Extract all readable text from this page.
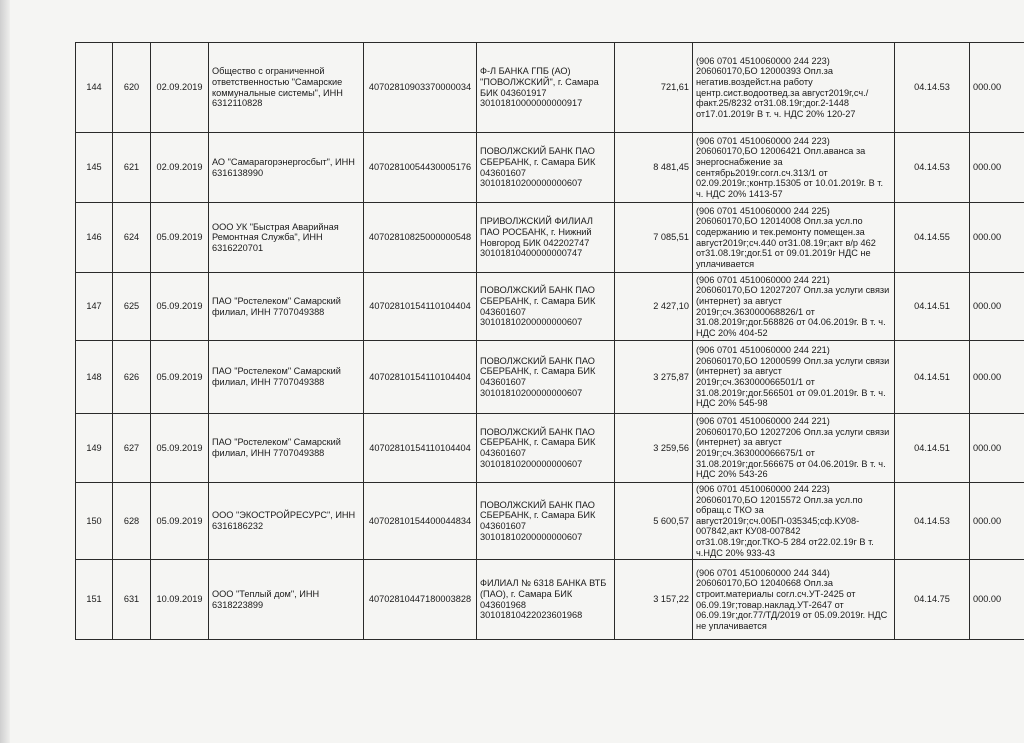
144	620	02.09.2019	Общество с ограниченной ответственностью "Самарские коммунальные системы", ИНН 6312110828	40702810903370000034	Ф-Л БАНКА ГПБ (АО) "ПОВОЛЖСКИЙ", г. Самара БИК 043601917 30101810000000000917	721,61	(906 0701 4510060000 244 223) 206060170,БО 12000393 Опл.за негатив.воздейст.на работу центр.сист.водоотвед.за август2019г,сч./факт.25/8232 от31.08.19г;дог.2-1448 от17.01.2019г В т. ч. НДС 20% 120-27	04.14.53	000.00
145	621	02.09.2019	АО "Самарагорэнергосбыт", ИНН 6316138990	40702810054430005176	ПОВОЛЖСКИЙ БАНК ПАО СБЕРБАНК, г. Самара БИК 043601607 30101810200000000607	8 481,45	(906 0701 4510060000 244 223) 206060170,БО 12006421 Опл.аванса за энергоснабжение за сентябрь2019г.согл.сч.313/1 от 02.09.2019г.;контр.15305 от 10.01.2019г. В т. ч. НДС 20% 1413-57	04.14.53	000.00
146	624	05.09.2019	ООО УК "Быстрая Аварийная Ремонтная Служба", ИНН 6316220701	40702810825000000548	ПРИВОЛЖСКИЙ ФИЛИАЛ ПАО РОСБАНК, г. Нижний Новгород БИК 042202747 30101810400000000747	7 085,51	(906 0701 4510060000 244 225) 206060170,БО 12014008 Опл.за усл.по содержанию и тек.ремонту помещен.за август2019г;сч.440 от31.08.19г;акт в/р 462 от31.08.19г;дог.51 от 09.01.2019г НДС не уплачивается	04.14.55	000.00
147	625	05.09.2019	ПАО "Ростелеком" Самарский филиал, ИНН 7707049388	40702810154110104404	ПОВОЛЖСКИЙ БАНК ПАО СБЕРБАНК, г. Самара БИК 043601607 30101810200000000607	2 427,10	(906 0701 4510060000 244 221) 206060170,БО 12027207 Опл.за услуги связи (интернет) за август 2019г;сч.363000068826/1 от 31.08.2019г;дог.568826 от 04.06.2019г. В т. ч. НДС 20% 404-52	04.14.51	000.00
148	626	05.09.2019	ПАО "Ростелеком" Самарский филиал, ИНН 7707049388	40702810154110104404	ПОВОЛЖСКИЙ БАНК ПАО СБЕРБАНК, г. Самара БИК 043601607 30101810200000000607	3 275,87	(906 0701 4510060000 244 221) 206060170,БО 12000599 Опл.за услуги связи (интернет) за август 2019г;сч.363000066501/1 от 31.08.2019г;дог.566501 от 09.01.2019г. В т. ч. НДС 20% 545-98	04.14.51	000.00
149	627	05.09.2019	ПАО "Ростелеком" Самарский филиал, ИНН 7707049388	40702810154110104404	ПОВОЛЖСКИЙ БАНК ПАО СБЕРБАНК, г. Самара БИК 043601607 30101810200000000607	3 259,56	(906 0701 4510060000 244 221) 206060170,БО 12027206 Опл.за услуги связи (интернет) за август 2019г;сч.363000066675/1 от 31.08.2019г;дог.566675 от 04.06.2019г. В т. ч. НДС 20% 543-26	04.14.51	000.00
150	628	05.09.2019	ООО "ЭКОСТРОЙРЕСУРС", ИНН 6316186232	40702810154400044834	ПОВОЛЖСКИЙ БАНК ПАО СБЕРБАНК, г. Самара БИК 043601607 30101810200000000607	5 600,57	(906 0701 4510060000 244 223) 206060170,БО 12015572 Опл.за усл.по обращ.с ТКО за август2019г;сч.00БП-035345;сф.КУ08-007842,акт КУ08-007842 от31.08.19г;дог.ТКО-5 284 от22.02.19г В т. ч.НДС 20% 933-43	04.14.53	000.00
151	631	10.09.2019	ООО "Теплый дом", ИНН 6318223899	40702810447180003828	ФИЛИАЛ № 6318 БАНКА ВТБ (ПАО), г. Самара БИК 043601968 30101810422023601968	3 157,22	(906 0701 4510060000 244 344) 206060170,БО 12040668 Опл.за строит.материалы согл.сч.УТ-2425 от 06.09.19г;товар.наклад.УТ-2647 от 06.09.19г;дог.77/ТД/2019 от 05.09.2019г. НДС не уплачивается	04.14.75	000.00
